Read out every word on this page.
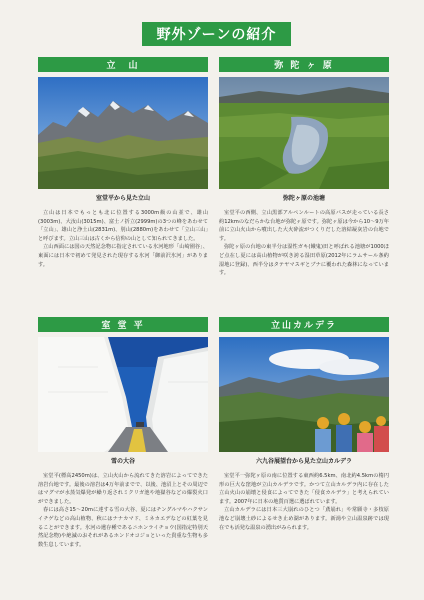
野外ゾーンの紹介
立　山
室堂平から見た立山

立山は日本でもっとも北に位置する3000m級の山並で、雄山(3003m)、大汝山(3015m)、富士ノ折立(2999m)の3つの峰をあわせて「立山」、雄山と浄土山(2831m)、別山(2880m)をあわせて「立山三山」と呼びます。立山三山は古くから信仰の山として知られてきました。

立山西面には国の天然記念物に指定されている氷河地形「山崎圏谷」、東面には日本で初めて発見された現存する氷河「御前沢氷河」があります。

弥 陀 ヶ 原
弥陀ヶ原の池塘

室堂平の西側、立山黒部アルペンルートの高原バスが走っている長さ約12kmのなだらかな台地が弥陀ヶ原です。弥陀ヶ原は今から10～9万年前に立山火山から噴出した大火砕流がつくりだした溶結凝灰岩の台地です。

弥陀ヶ原の台地の東半分は湿性ガキ(餓鬼)田と呼ばれる池塘が1000ほど点在し夏には高山植物が咲き誇る湿田草原(2012年にラムサール条約湿地に登録)、西半分はタテヤマスギとブナに覆われた森林になっています。

室 堂 平
雪の大谷

室堂平(標高2450m)は、立山火山から流れてきた溶岩によってできた溶岩台地です。最後の溶岩は4万年前までで、以後、池沼上とその周辺ではマグマが水蒸気爆発が繰り返されミクリガ池や地獄谷などの爆裂火口ができました。

春には高さ15～20mに達する雪の大谷、夏にはチングルマやハクサンイチゲなどの高山植物、秋にはナナカマド、ミネカエデなどの紅葉を見ることができます。氷河の遺存種であるニホンライチョウ(国指定特別天然記念物)や絶滅のおそれがあるホンドオコジョといった貴重な生物も多数生息しています。

立山カルデラ
六九谷展望台から見た立山カルデラ

室堂平一弥陀ヶ原の南に位置する東西約6.5km、南北約4.5kmの楕円形の巨大な窪地が立山カルデラです。かつて立山カルデラ内に存在した立山火山の崩壊と侵食によってできた「侵食カルデラ」と考えられています。2007年に日本の地質百選に選ばれています。

立山カルデラには日本三大崩れのひとつ「鳶崩れ」や常願寺・多枝原池など崩壊土砂によるせき止め湖があります。新湯や立山温泉跡では現在でも活発な温泉の湧出がみられます。
